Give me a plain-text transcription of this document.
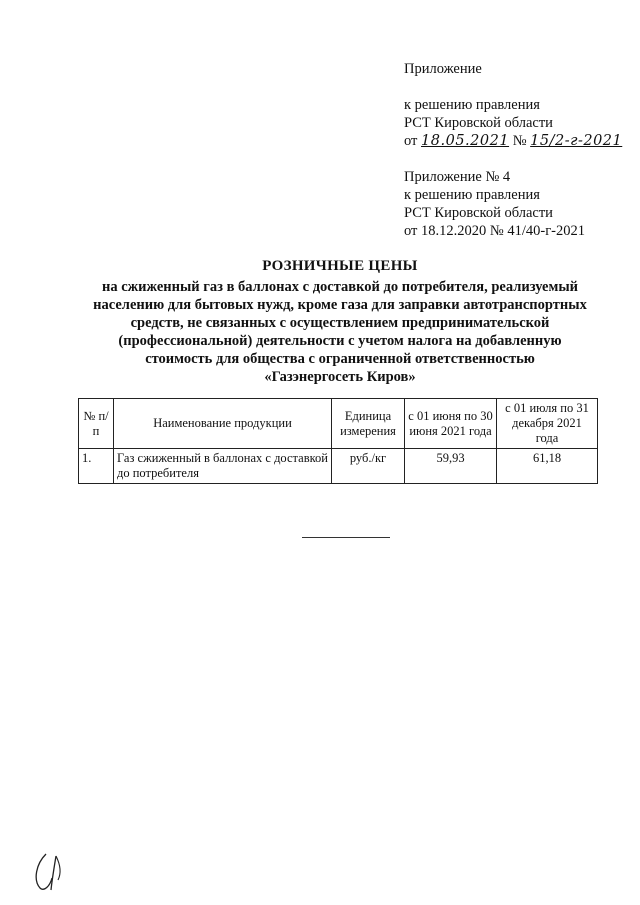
Приложение
к решению правления
РСТ Кировской области
от 18.05.2021 № 15/2-г-2021
Приложение № 4
к решению правления
РСТ Кировской области
от 18.12.2020 № 41/40-г-2021
РОЗНИЧНЫЕ ЦЕНЫ
на сжиженный газ в баллонах с доставкой до потребителя, реализуемый
населению для бытовых нужд, кроме газа для заправки автотранспортных
средств, не связанных с осуществлением предпринимательской
(профессиональной) деятельности с учетом налога на добавленную
стоимость для общества с ограниченной ответственностью
«Газэнергосеть Киров»
№ п/п	Наименование продукции	Единица измерения	с 01 июня по 30 июня 2021 года	с 01 июля по 31 декабря 2021 года
1.	Газ сжиженный в баллонах с доставкой до потребителя	руб./кг	59,93	61,18
